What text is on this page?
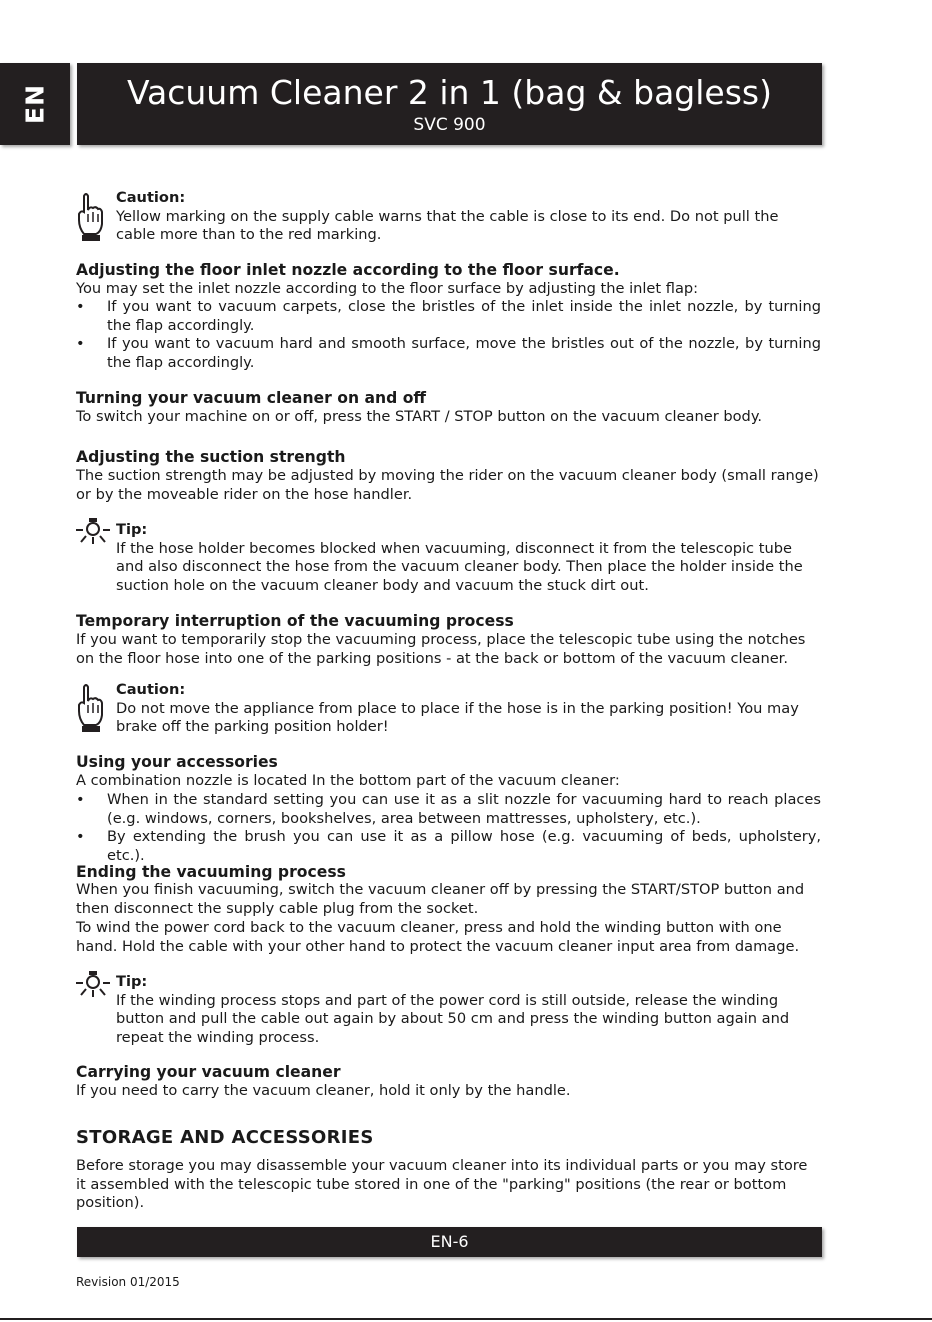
EN	Vacuum Cleaner 2 in 1 (bag & bagless)
SVC 900
Caution:
Yellow marking on the supply cable warns that the cable is close to its end. Do not pull the cable more than to the red marking.
Adjusting the floor inlet nozzle according to the floor surface.
You may set the inlet nozzle according to the floor surface by adjusting the inlet flap:
• If you want to vacuum carpets, close the bristles of the inlet inside the inlet nozzle, by turning the flap accordingly.
• If you want to vacuum hard and smooth surface, move the bristles out of the nozzle, by turning the flap accordingly.
Turning your vacuum cleaner on and off
To switch your machine on or off, press the START / STOP button on the vacuum cleaner body.
Adjusting the suction strength
The suction strength may be adjusted by moving the rider on the vacuum cleaner body (small range) or by the moveable rider on the hose handler.
Tip:
If the hose holder becomes blocked when vacuuming, disconnect it from the telescopic tube and also disconnect the hose from the vacuum cleaner body. Then place the holder inside the suction hole on the vacuum cleaner body and vacuum the stuck dirt out.
Temporary interruption of the vacuuming process
If you want to temporarily stop the vacuuming process, place the telescopic tube using the notches on the floor hose into one of the parking positions - at the back or bottom of the vacuum cleaner.
Caution:
Do not move the appliance from place to place if the hose is in the parking position! You may brake off the parking position holder!
Using your accessories
A combination nozzle is located In the bottom part of the vacuum cleaner:
• When in the standard setting you can use it as a slit nozzle for vacuuming hard to reach places (e.g. windows, corners, bookshelves, area between mattresses, upholstery, etc.).
• By extending the brush you can use it as a pillow hose (e.g. vacuuming of beds, upholstery, etc.).
Ending the vacuuming process
When you finish vacuuming, switch the vacuum cleaner off by pressing the START/STOP button and then disconnect the supply cable plug from the socket.
To wind the power cord back to the vacuum cleaner, press and hold the winding button with one hand. Hold the cable with your other hand to protect the vacuum cleaner input area from damage.
Tip:
If the winding process stops and part of the power cord is still outside, release the winding button and pull the cable out again by about 50 cm and press the winding button again and repeat the winding process.
Carrying your vacuum cleaner
If you need to carry the vacuum cleaner, hold it only by the handle.
STORAGE AND ACCESSORIES
Before storage you may disassemble your vacuum cleaner into its individual parts or you may store it assembled with the telescopic tube stored in one of the "parking" positions (the rear or bottom position).
EN-6
Revision 01/2015
